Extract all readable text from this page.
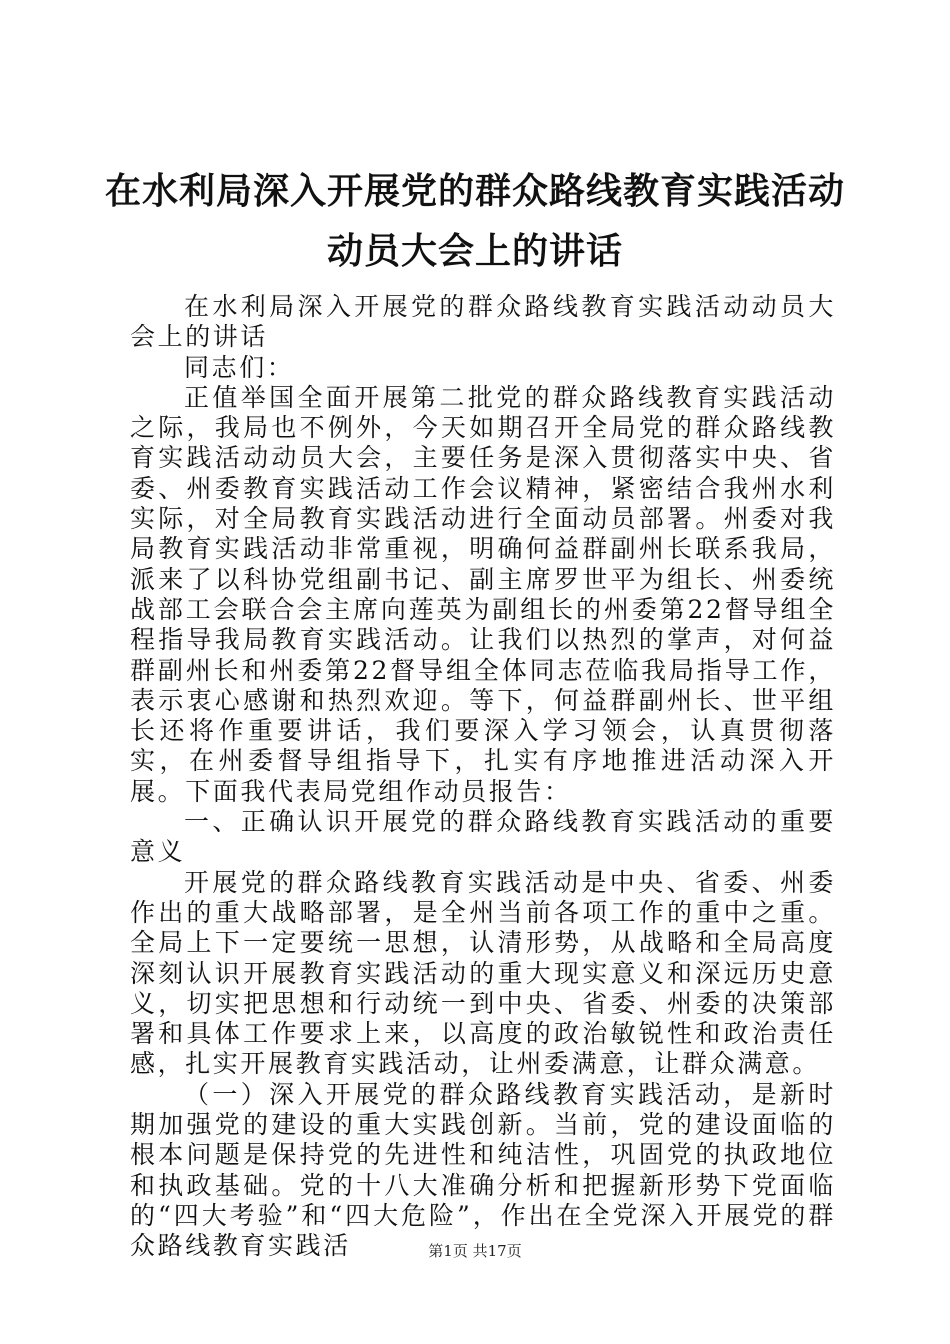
在水利局深入开展党的群众路线教育实践活动
动员大会上的讲话

在水利局深入开展党的群众路线教育实践活动动员大会上的讲话

同志们：

正值举国全面开展第二批党的群众路线教育实践活动之际，我局也不例外，今天如期召开全局党的群众路线教育实践活动动员大会，主要任务是深入贯彻落实中央、省委、州委教育实践活动工作会议精神，紧密结合我州水利实际，对全局教育实践活动进行全面动员部署。州委对我局教育实践活动非常重视，明确何益群副州长联系我局，派来了以科协党组副书记、副主席罗世平为组长、州委统战部工会联合会主席向莲英为副组长的州委第22督导组全程指导我局教育实践活动。让我们以热烈的掌声，对何益群副州长和州委第22督导组全体同志莅临我局指导工作，表示衷心感谢和热烈欢迎。等下，何益群副州长、世平组长还将作重要讲话，我们要深入学习领会，认真贯彻落实，在州委督导组指导下，扎实有序地推进活动深入开展。下面我代表局党组作动员报告：

一、正确认识开展党的群众路线教育实践活动的重要意义

开展党的群众路线教育实践活动是中央、省委、州委作出的重大战略部署，是全州当前各项工作的重中之重。全局上下一定要统一思想，认清形势，从战略和全局高度深刻认识开展教育实践活动的重大现实意义和深远历史意义，切实把思想和行动统一到中央、省委、州委的决策部署和具体工作要求上来，以高度的政治敏锐性和政治责任感，扎实开展教育实践活动，让州委满意，让群众满意。

（一）深入开展党的群众路线教育实践活动，是新时期加强党的建设的重大实践创新。当前，党的建设面临的根本问题是保持党的先进性和纯洁性，巩固党的执政地位和执政基础。党的十八大准确分析和把握新形势下党面临的“四大考验”和“四大危险”，作出在全党深入开展党的群众路线教育实践活	第1页 共17页
